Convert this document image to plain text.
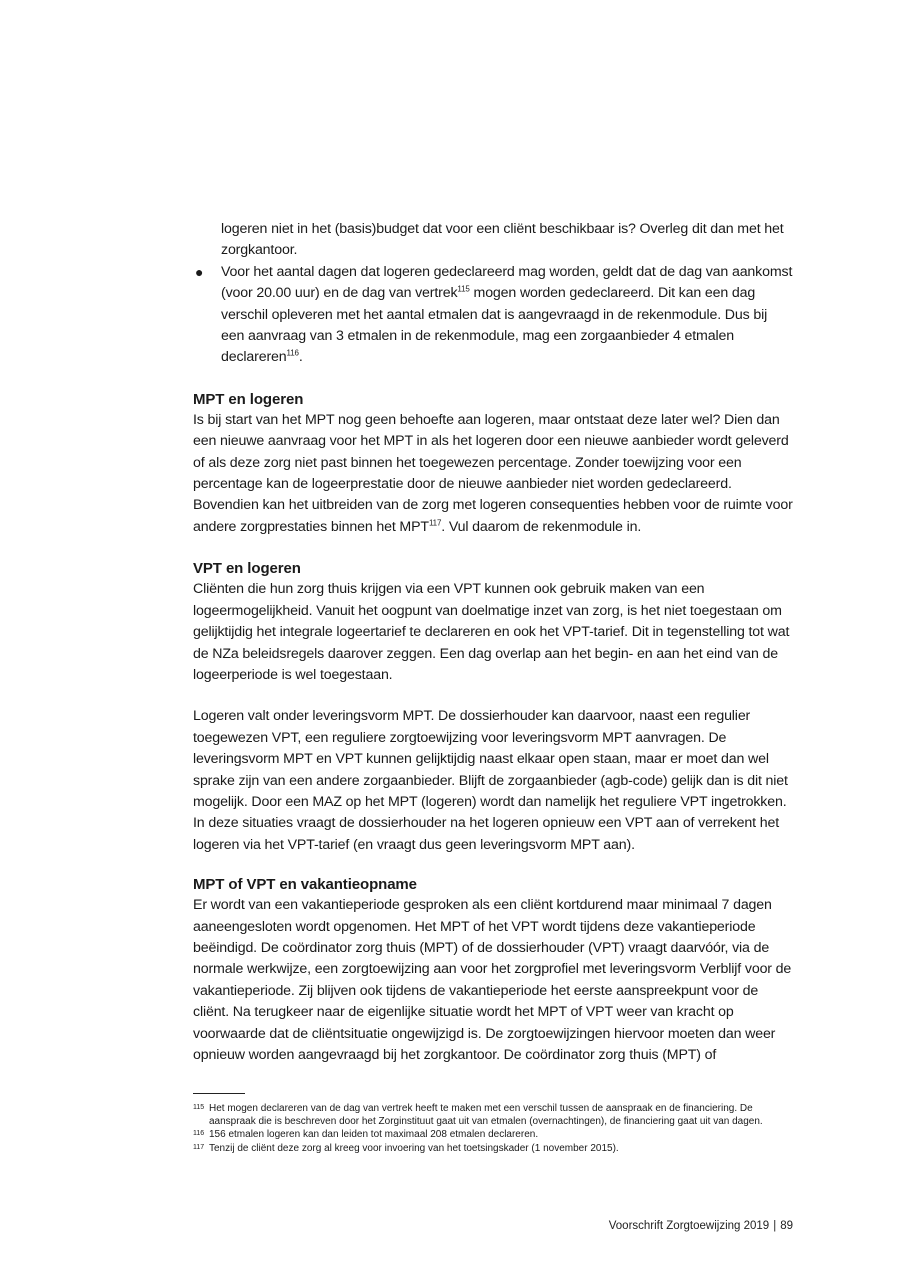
logeren niet in het (basis)budget dat voor een cliënt beschikbaar is? Overleg dit dan met het zorgkantoor.

● Voor het aantal dagen dat logeren gedeclareerd mag worden, geldt dat de dag van aankomst (voor 20.00 uur) en de dag van vertrek$^{115}$ mogen worden gedeclareerd. Dit kan een dag verschil opleveren met het aantal etmalen dat is aangevraagd in de rekenmodule. Dus bij een aanvraag van 3 etmalen in de rekenmodule, mag een zorgaanbieder 4 etmalen declareren$^{116}$.
MPT en logeren

Is bij start van het MPT nog geen behoefte aan logeren, maar ontstaat deze later wel? Dien dan een nieuwe aanvraag voor het MPT in als het logeren door een nieuwe aanbieder wordt geleverd of als deze zorg niet past binnen het toegewezen percentage. Zonder toewijzing voor een percentage kan de logeerprestatie door de nieuwe aanbieder niet worden gedeclareerd. Bovendien kan het uitbreiden van de zorg met logeren consequenties hebben voor de ruimte voor andere zorgprestaties binnen het MPT$^{117}$. Vul daarom de rekenmodule in.

VPT en logeren

Cliënten die hun zorg thuis krijgen via een VPT kunnen ook gebruik maken van een logeermogelijkheid. Vanuit het oogpunt van doelmatige inzet van zorg, is het niet toegestaan om gelijktijdig het integrale logeertarief te declareren en ook het VPT-tarief. Dit in tegenstelling tot wat de NZa beleidsregels daarover zeggen. Een dag overlap aan het begin- en aan het eind van de logeerperiode is wel toegestaan.

Logeren valt onder leveringsvorm MPT. De dossierhouder kan daarvoor, naast een regulier toegewezen VPT, een reguliere zorgtoewijzing voor leveringsvorm MPT aanvragen. De leveringsvorm MPT en VPT kunnen gelijktijdig naast elkaar open staan, maar er moet dan wel sprake zijn van een andere zorgaanbieder. Blijft de zorgaanbieder (agb-code) gelijk dan is dit niet mogelijk. Door een MAZ op het MPT (logeren) wordt dan namelijk het reguliere VPT ingetrokken. In deze situaties vraagt de dossierhouder na het logeren opnieuw een VPT aan of verrekent het logeren via het VPT-tarief (en vraagt dus geen leveringsvorm MPT aan).

MPT of VPT en vakantieopname

Er wordt van een vakantieperiode gesproken als een cliënt kortdurend maar minimaal 7 dagen aaneengesloten wordt opgenomen. Het MPT of het VPT wordt tijdens deze vakantieperiode beëindigd. De coördinator zorg thuis (MPT) of de dossierhouder (VPT) vraagt daarvóór, via de normale werkwijze, een zorgtoewijzing aan voor het zorgprofiel met leveringsvorm Verblijf voor de vakantieperiode. Zij blijven ook tijdens de vakantieperiode het eerste aanspreekpunt voor de cliënt. Na terugkeer naar de eigenlijke situatie wordt het MPT of VPT weer van kracht op voorwaarde dat de cliëntsituatie ongewijzigd is. De zorgtoewijzingen hiervoor moeten dan weer opnieuw worden aangevraagd bij het zorgkantoor. De coördinator zorg thuis (MPT) of

115 Het mogen declareren van de dag van vertrek heeft te maken met een verschil tussen de aanspraak en de financiering. De aanspraak die is beschreven door het Zorginstituut gaat uit van etmalen (overnachtingen), de financiering gaat uit van dagen.

116 156 etmalen logeren kan dan leiden tot maximaal 208 etmalen declareren.

117 Tenzij de cliënt deze zorg al kreeg voor invoering van het toetsingskader (1 november 2015).

Voorschrift Zorgtoewijzing 2019 | 89
